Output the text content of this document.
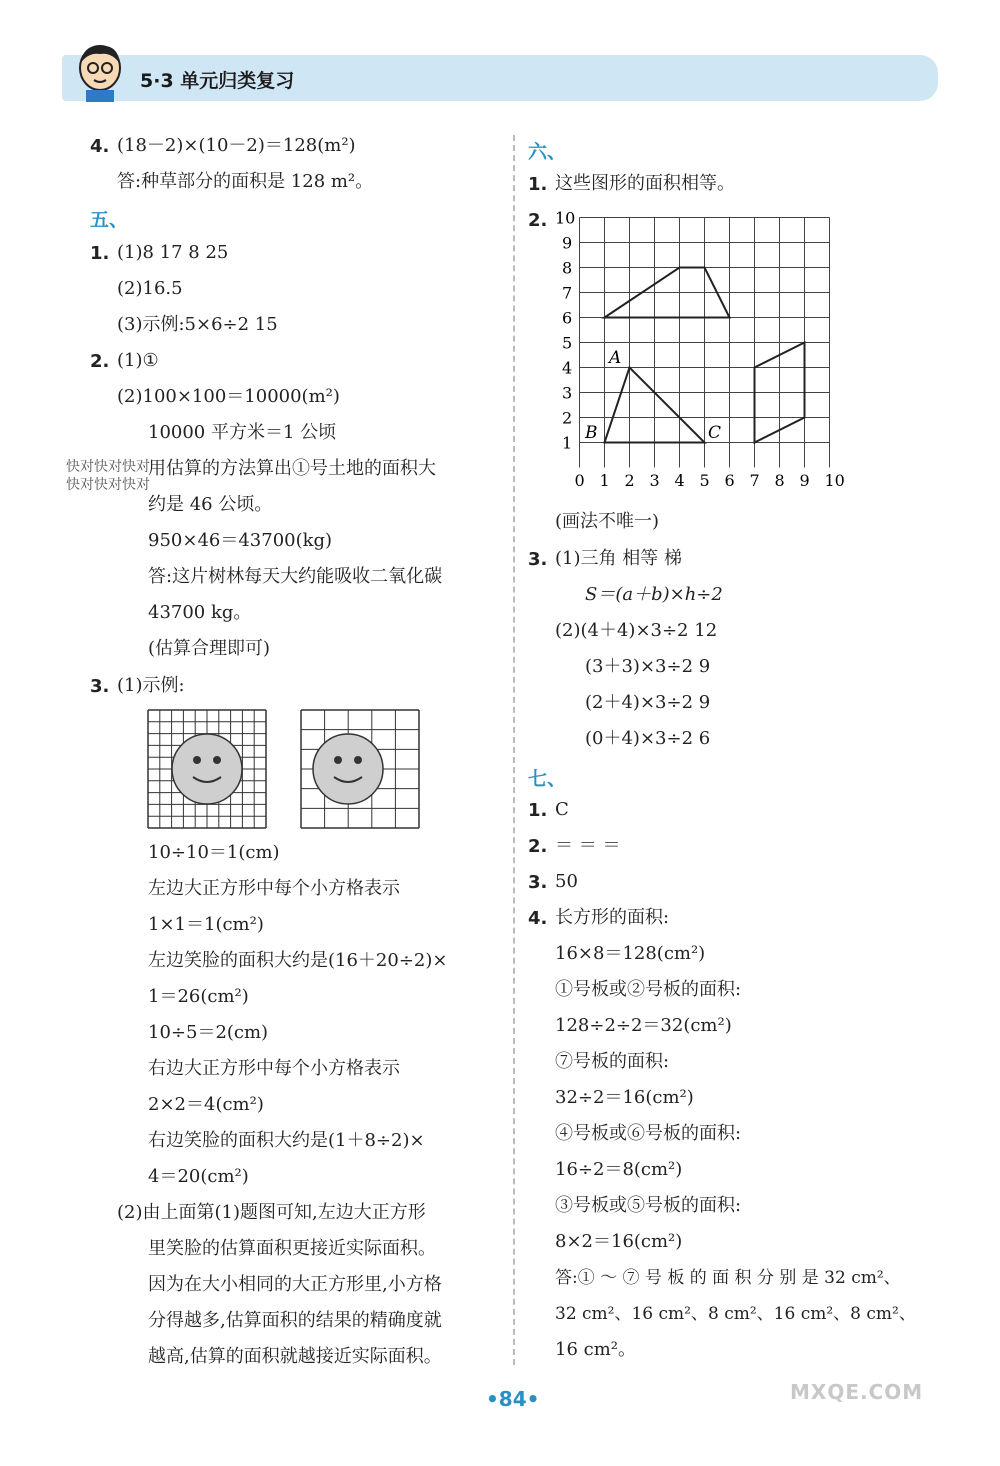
5·3 单元归类复习
4. (18－2)×(10－2)＝128(m²)
答:种草部分的面积是 128 m²。
五、
1. (1)8 17 8 25
(2)16.5
(3)示例:5×6÷2 15
2. (1)①
(2)100×100＝10000(m²)
10000 平方米＝1 公顷
用估算的方法算出①号土地的面积大
约是 46 公顷。
950×46＝43700(kg)
答:这片树林每天大约能吸收二氧化碳
43700 kg。
(估算合理即可)
快对快对快对
快对快对快对
3. (1)示例:
10÷10＝1(cm)
左边大正方形中每个小方格表示
1×1＝1(cm²)
左边笑脸的面积大约是(16＋20÷2)×
1＝26(cm²)
10÷5＝2(cm)
右边大正方形中每个小方格表示
2×2＝4(cm²)
右边笑脸的面积大约是(1＋8÷2)×
4＝20(cm²)
(2)由上面第(1)题图可知,左边大正方形
里笑脸的估算面积更接近实际面积。
因为在大小相同的大正方形里,小方格
分得越多,估算面积的结果的精确度就
越高,估算的面积就越接近实际面积。
六、
1. 这些图形的面积相等。
2.
0 1 2 3 4 5 6 7 8 9 10
10
9
8
7
6
5
4
3
2
1
A
B	C
(画法不唯一)
3. (1)三角 相等 梯
S＝(a＋b)×h÷2
(2)(4＋4)×3÷2 12
(3＋3)×3÷2 9
(2＋4)×3÷2 9
(0＋4)×3÷2 6
七、
1. C
2. ＝ ＝ ＝
3. 50
4. 长方形的面积:
16×8＝128(cm²)
①号板或②号板的面积:
128÷2÷2＝32(cm²)
⑦号板的面积:
32÷2＝16(cm²)
④号板或⑥号板的面积:
16÷2＝8(cm²)
③号板或⑤号板的面积:
8×2＝16(cm²)
答:① ～ ⑦ 号 板 的 面 积 分 别 是 32 cm²、
32 cm²、16 cm²、8 cm²、16 cm²、8 cm²、
16 cm²。
•84•	MXQE.COM
